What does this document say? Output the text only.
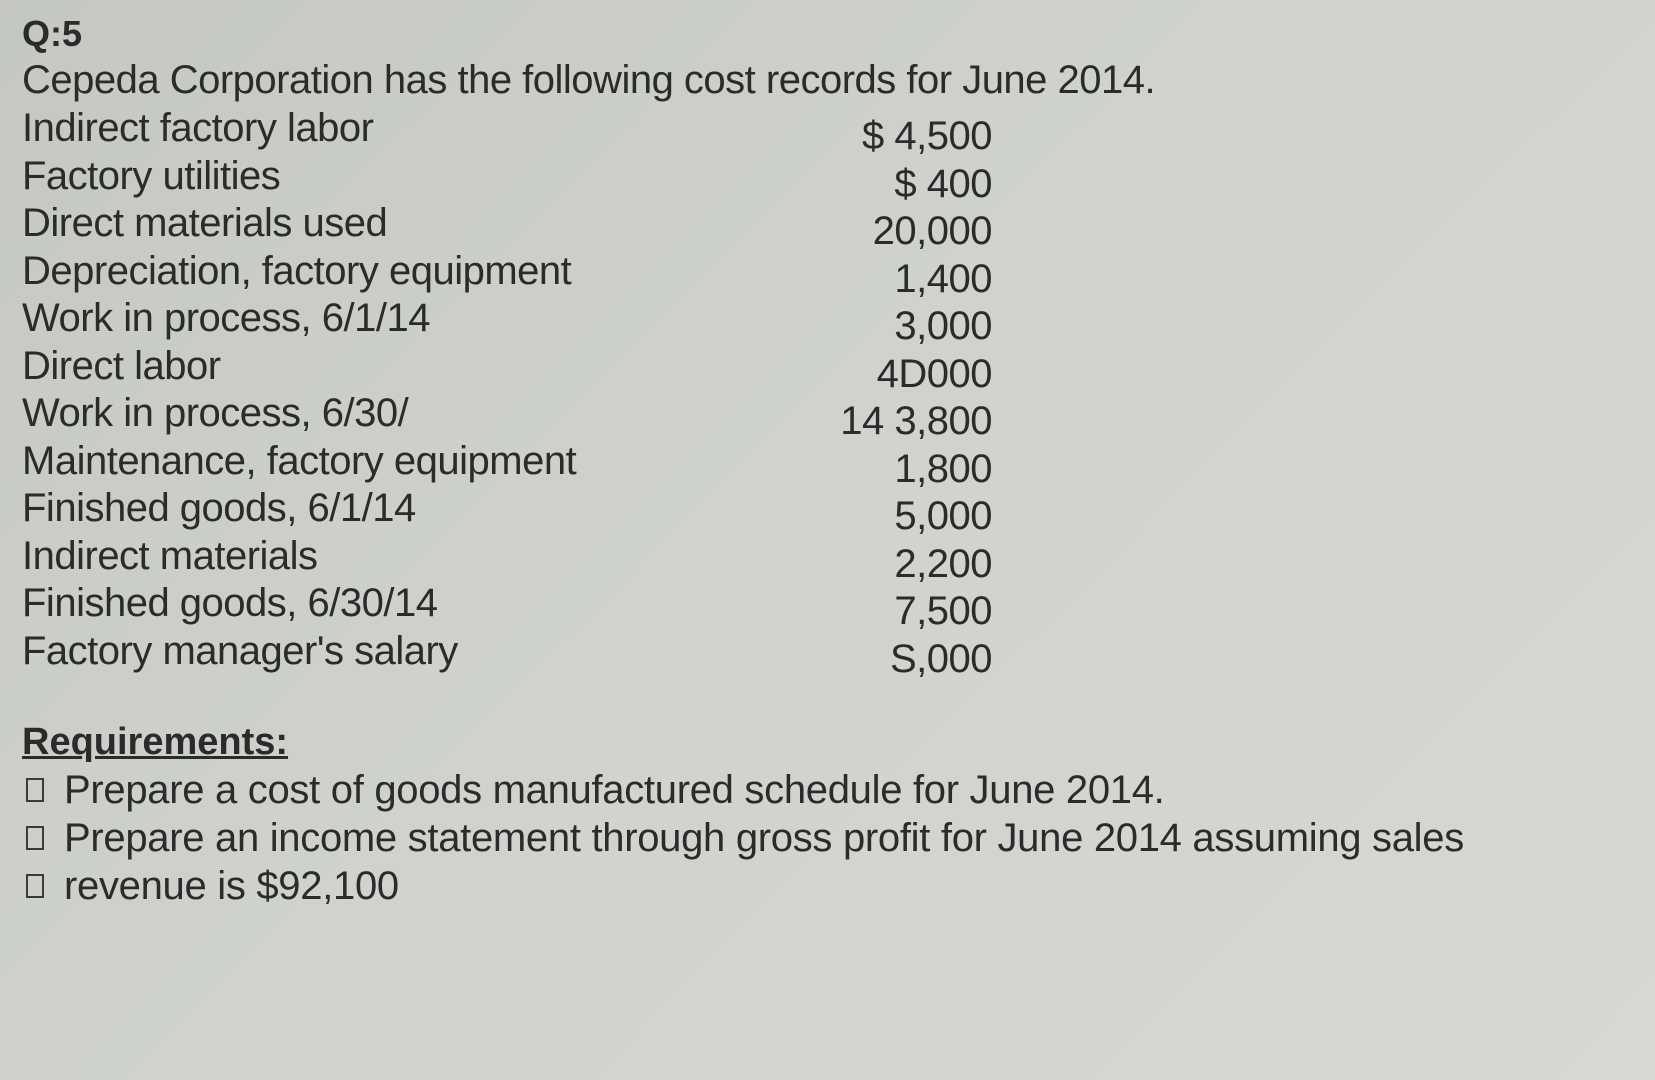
Q:5

Cepeda Corporation has the following cost records for June 2014.

Indirect factory labor	$ 4,500
Factory utilities	$ 400
Direct materials used	20,000
Depreciation, factory equipment	1,400
Work in process, 6/1/14	3,000
Direct labor	4D000
Work in process, 6/30/	14 3,800
Maintenance, factory equipment	1,800
Finished goods, 6/1/14	5,000
Indirect materials	2,200
Finished goods, 6/30/14	7,500
Factory manager's salary	S,000

Requirements:

Prepare a cost of goods manufactured schedule for June 2014.
Prepare an income statement through gross profit for June 2014 assuming sales
revenue is $92,100
